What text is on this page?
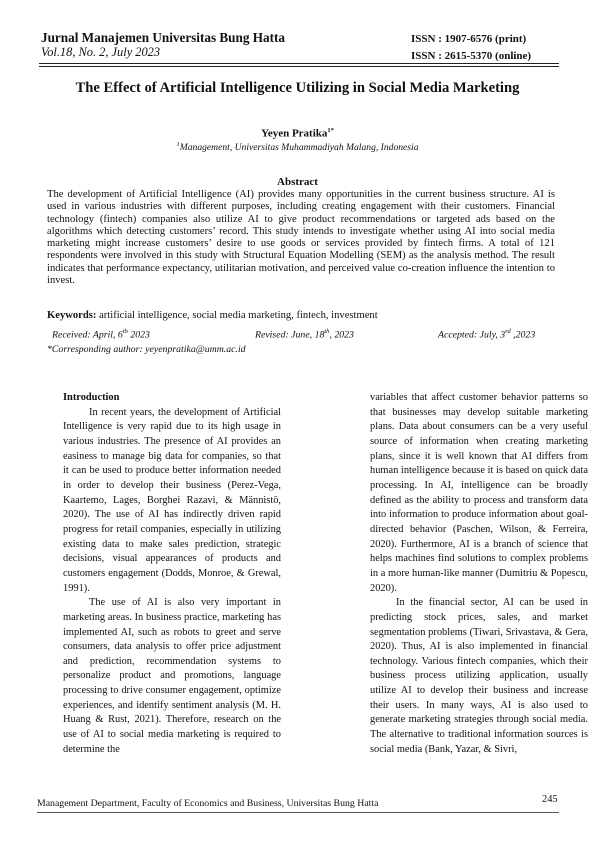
Jurnal Manajemen Universitas Bung Hatta
Vol.18, No. 2, July 2023
ISSN : 1907-6576 (print)
ISSN : 2615-5370 (online)
The Effect of Artificial Intelligence Utilizing in Social Media Marketing
Yeyen Pratika$^{1*}$
$^1$Management, Universitas Muhammadiyah Malang, Indonesia
Abstract
The development of Artificial Intelligence (AI) provides many opportunities in the current business structure. AI is used in various industries with different purposes, including creating engagement with their customers. Financial technology (fintech) companies also utilize AI to give product recommendations or targeted ads based on the algorithms which detecting customers’ record. This study intends to investigate whether using AI into social media marketing might increase customers’ desire to use goods or services provided by fintech firms. A total of 121 respondents were involved in this study with Structural Equation Modelling (SEM) as the analysis method. The result indicates that performance expectancy, utilitarian motivation, and perceived value co-creation influence the intention to invest.
Keywords: artificial intelligence, social media marketing, fintech, investment
Received: April, 6th 2023	Revised: June, 18th, 2023	Accepted: July, 3rd ,2023
*Corresponding author: yeyenpratika@umm.ac.id

Introduction

In recent years, the development of Artificial Intelligence is very rapid due to its high usage in various industries. The presence of AI provides an easiness to manage big data for companies, so that it can be used to produce better information needed in order to develop their business (Perez-Vega, Kaartemo, Lages, Borghei Razavi, & Männistö, 2020). The use of AI has indirectly driven rapid progress for retail companies, especially in utilizing existing data to make sales prediction, strategic decisions, visual appearances of products and customers engagement (Dodds, Monroe, & Grewal, 1991).

The use of AI is also very important in marketing areas. In business practice, marketing has implemented AI, such as robots to greet and serve consumers, data analysis to offer price adjustment and prediction, recommendation systems to personalize product and promotions, language processing to drive consumer engagement, optimize experiences, and identify sentiment analysis (M. H. Huang & Rust, 2021). Therefore, research on the use of AI to social media marketing is required to determine the

variables that affect customer behavior patterns so that businesses may develop suitable marketing plans. Data about consumers can be a very useful source of information when creating marketing plans, since it is well known that AI differs from human intelligence because it is based on quick data processing. In AI, intelligence can be broadly defined as the ability to process and transform data into information to produce information about goal-directed behavior (Paschen, Wilson, & Ferreira, 2020). Furthermore, AI is a branch of science that helps machines find solutions to complex problems in a more human-like manner (Dumitriu & Popescu, 2020).

In the financial sector, AI can be used in predicting stock prices, sales, and market segmentation problems (Tiwari, Srivastava, & Gera, 2020). Thus, AI is also implemented in financial technology. Various fintech companies, which their business process utilizing application, usually utilize AI to develop their business and increase their users. In many ways, AI is also used to generate marketing strategies through social media. The alternative to traditional information sources is social media (Bank, Yazar, & Sivri,

Management Department, Faculty of Economics and Business, Universitas Bung Hatta	245
